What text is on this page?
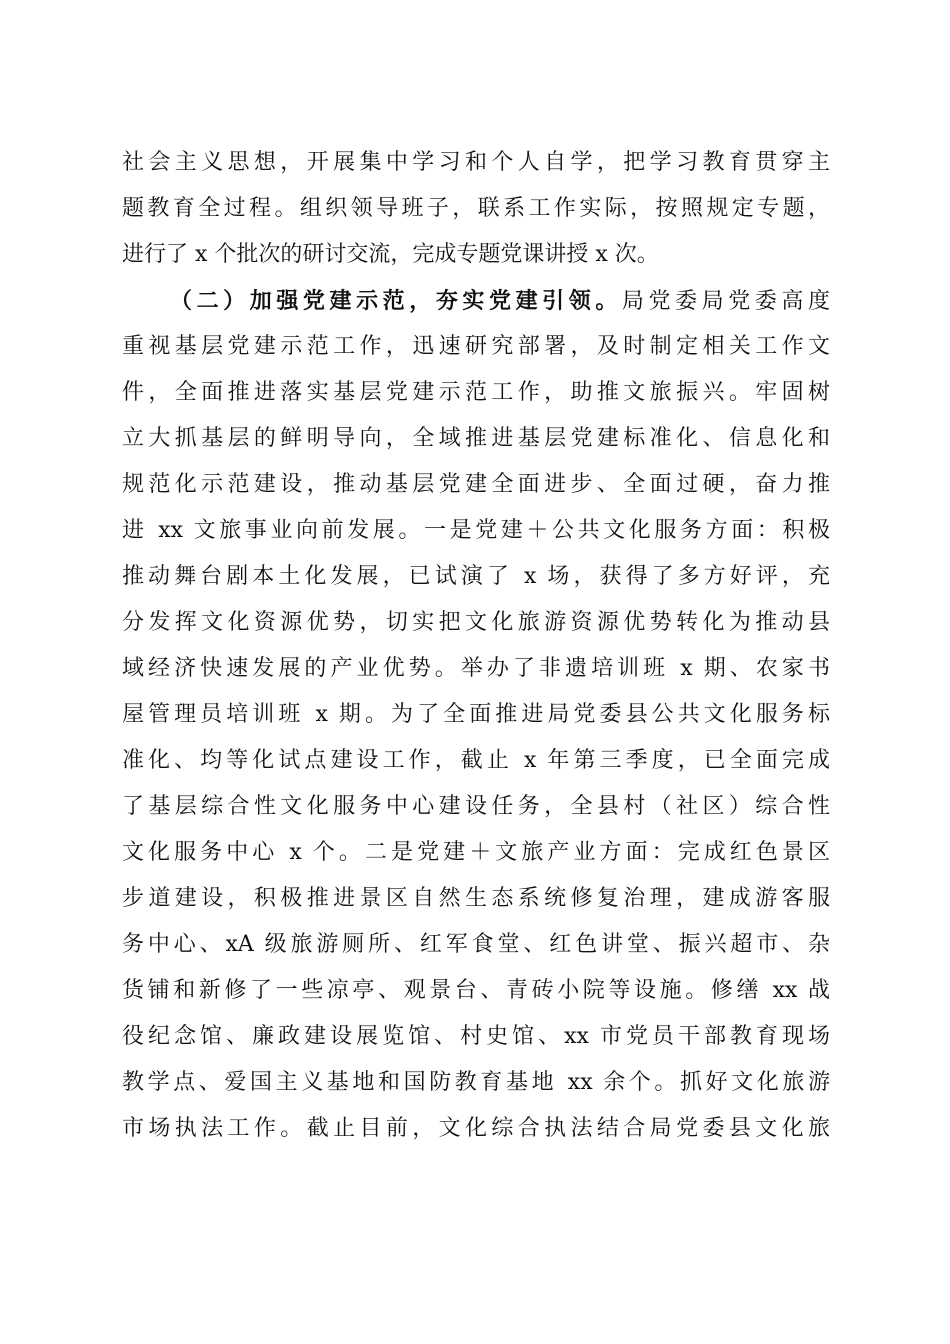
社会主义思想，开展集中学习和个人自学，把学习教育贯穿主
题教育全过程。组织领导班子，联系工作实际，按照规定专题，
进行了 x 个批次的研讨交流，完成专题党课讲授 x 次。
（二）加强党建示范，夯实党建引领。局党委局党委高度
重视基层党建示范工作，迅速研究部署，及时制定相关工作文
件，全面推进落实基层党建示范工作，助推文旅振兴。牢固树
立大抓基层的鲜明导向，全域推进基层党建标准化、信息化和
规范化示范建设，推动基层党建全面进步、全面过硬，奋力推
进 xx 文旅事业向前发展。一是党建＋公共文化服务方面：积极
推动舞台剧本土化发展，已试演了 x 场，获得了多方好评，充
分发挥文化资源优势，切实把文化旅游资源优势转化为推动县
域经济快速发展的产业优势。举办了非遗培训班 x 期、农家书
屋管理员培训班 x 期。为了全面推进局党委县公共文化服务标
准化、均等化试点建设工作，截止 x 年第三季度，已全面完成
了基层综合性文化服务中心建设任务，全县村（社区）综合性
文化服务中心 x 个。二是党建＋文旅产业方面：完成红色景区
步道建设，积极推进景区自然生态系统修复治理，建成游客服
务中心、xA 级旅游厕所、红军食堂、红色讲堂、振兴超市、杂
货铺和新修了一些凉亭、观景台、青砖小院等设施。修缮 xx 战
役纪念馆、廉政建设展览馆、村史馆、xx 市党员干部教育现场
教学点、爱国主义基地和国防教育基地 xx 余个。抓好文化旅游
市场执法工作。截止目前，文化综合执法结合局党委县文化旅
